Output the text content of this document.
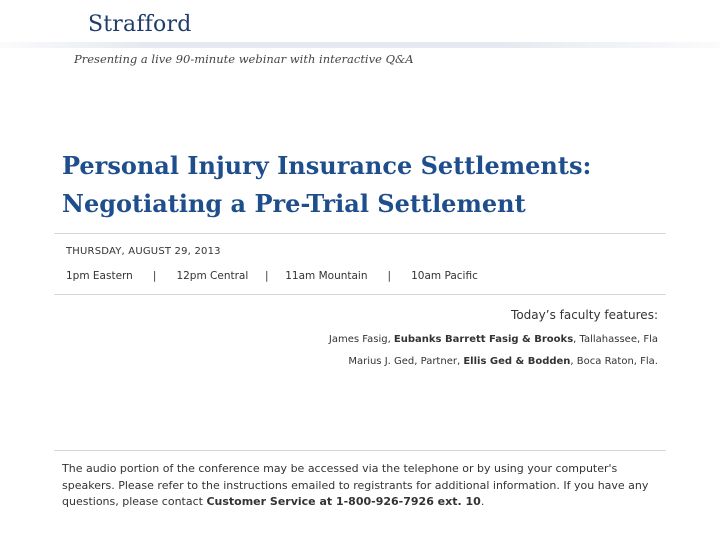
Strafford
Presenting a live 90-minute webinar with interactive Q&A
Personal Injury Insurance Settlements:
Negotiating a Pre-Trial Settlement
THURSDAY, AUGUST 29, 2013
1pm Eastern | 12pm Central | 11am Mountain | 10am Pacific
Today’s faculty features:
James Fasig, Eubanks Barrett Fasig & Brooks, Tallahassee, Fla
Marius J. Ged, Partner, Ellis Ged & Bodden, Boca Raton, Fla.
The audio portion of the conference may be accessed via the telephone or by using your computer's speakers. Please refer to the instructions emailed to registrants for additional information. If you have any questions, please contact Customer Service at 1-800-926-7926 ext. 10.
